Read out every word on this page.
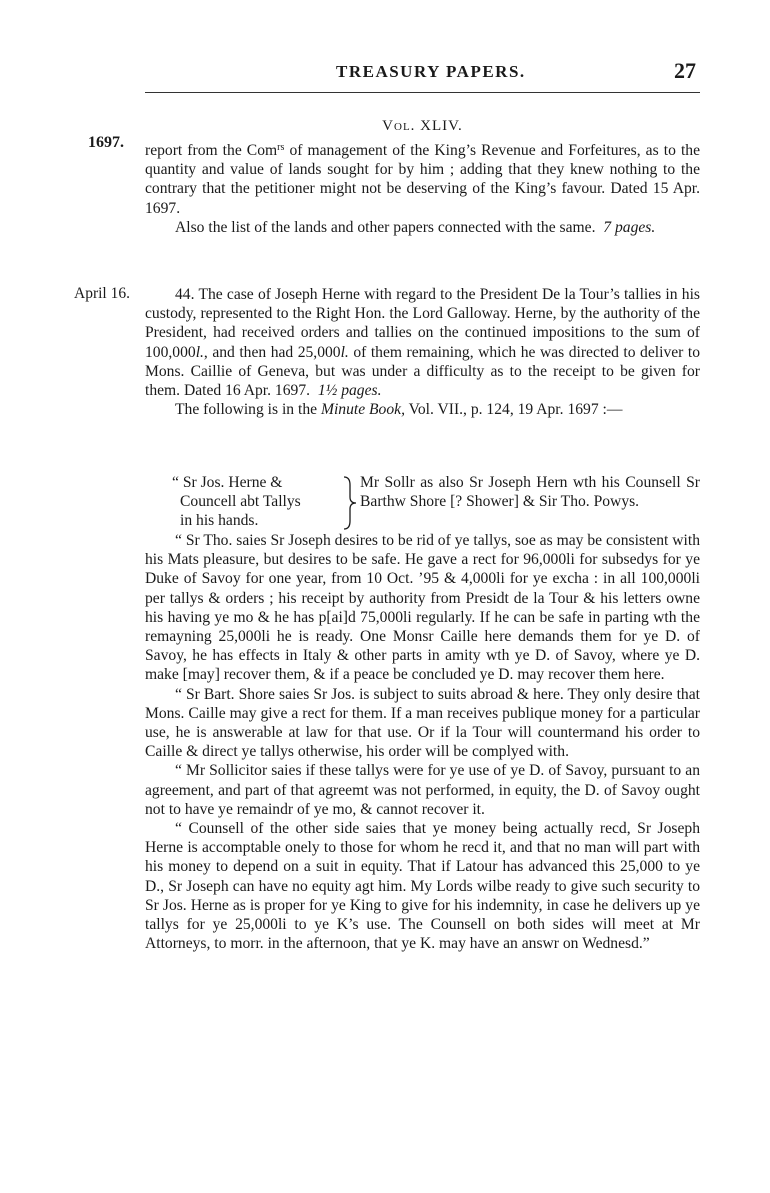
TREASURY PAPERS.	27
1697.
Vol. XLIV.

report from the Com$^{rs}$ of management of the King’s Revenue and Forfeitures, as to the quantity and value of lands sought for by him ; adding that they knew nothing to the contrary that the petitioner might not be deserving of the King’s favour. Dated 15 Apr. 1697.

Also the list of the lands and other papers connected with the same. 7 pages.

April 16.	44. The case of Joseph Herne with regard to the President De la Tour’s tallies in his custody, represented to the Right Hon. the Lord Galloway. Herne, by the authority of the President, had received orders and tallies on the continued impositions to the sum of 100,000l., and then had 25,000l. of them remaining, which he was directed to deliver to Mons. Caillie of Geneva, but was under a difficulty as to the receipt to be given for them. Dated 16 Apr. 1697. 1½ pages.

The following is in the Minute Book, Vol. VII., p. 124, 19 Apr. 1697 :—

“ Sr Jos. Herne &
Councell abt Tallys
in his hands.
Mr Sollr as also Sr Joseph Hern wth his Counsell Sr Barthw Shore [? Shower] & Sir Tho. Powys.

“ Sr Tho. saies Sr Joseph desires to be rid of ye tallys, soe as may be consistent with his Mats pleasure, but desires to be safe. He gave a rect for 96,000li for subsedys for ye Duke of Savoy for one year, from 10 Oct. ’95 & 4,000li for ye excha : in all 100,000li per tallys & orders ; his receipt by authority from Presidt de la Tour & his letters owne his having ye mo & he has p[ai]d 75,000li regularly. If he can be safe in parting wth the remayning 25,000li he is ready. One Monsr Caille here demands them for ye D. of Savoy, he has effects in Italy & other parts in amity wth ye D. of Savoy, where ye D. make [may] recover them, & if a peace be concluded ye D. may recover them here.

“ Sr Bart. Shore saies Sr Jos. is subject to suits abroad & here. They only desire that Mons. Caille may give a rect for them. If a man receives publique money for a particular use, he is answerable at law for that use. Or if la Tour will countermand his order to Caille & direct ye tallys otherwise, his order will be complyed with.

“ Mr Sollicitor saies if these tallys were for ye use of ye D. of Savoy, pursuant to an agreement, and part of that agreemt was not performed, in equity, the D. of Savoy ought not to have ye remaindr of ye mo, & cannot recover it.

“ Counsell of the other side saies that ye money being actually recd, Sr Joseph Herne is accomptable onely to those for whom he recd it, and that no man will part with his money to depend on a suit in equity. That if Latour has advanced this 25,000 to ye D., Sr Joseph can have no equity agt him. My Lords wilbe ready to give such security to Sr Jos. Herne as is proper for ye King to give for his indemnity, in case he delivers up ye tallys for ye 25,000li to ye K’s use. The Counsell on both sides will meet at Mr Attorneys, to morr. in the afternoon, that ye K. may have an answr on Wednesd.”
